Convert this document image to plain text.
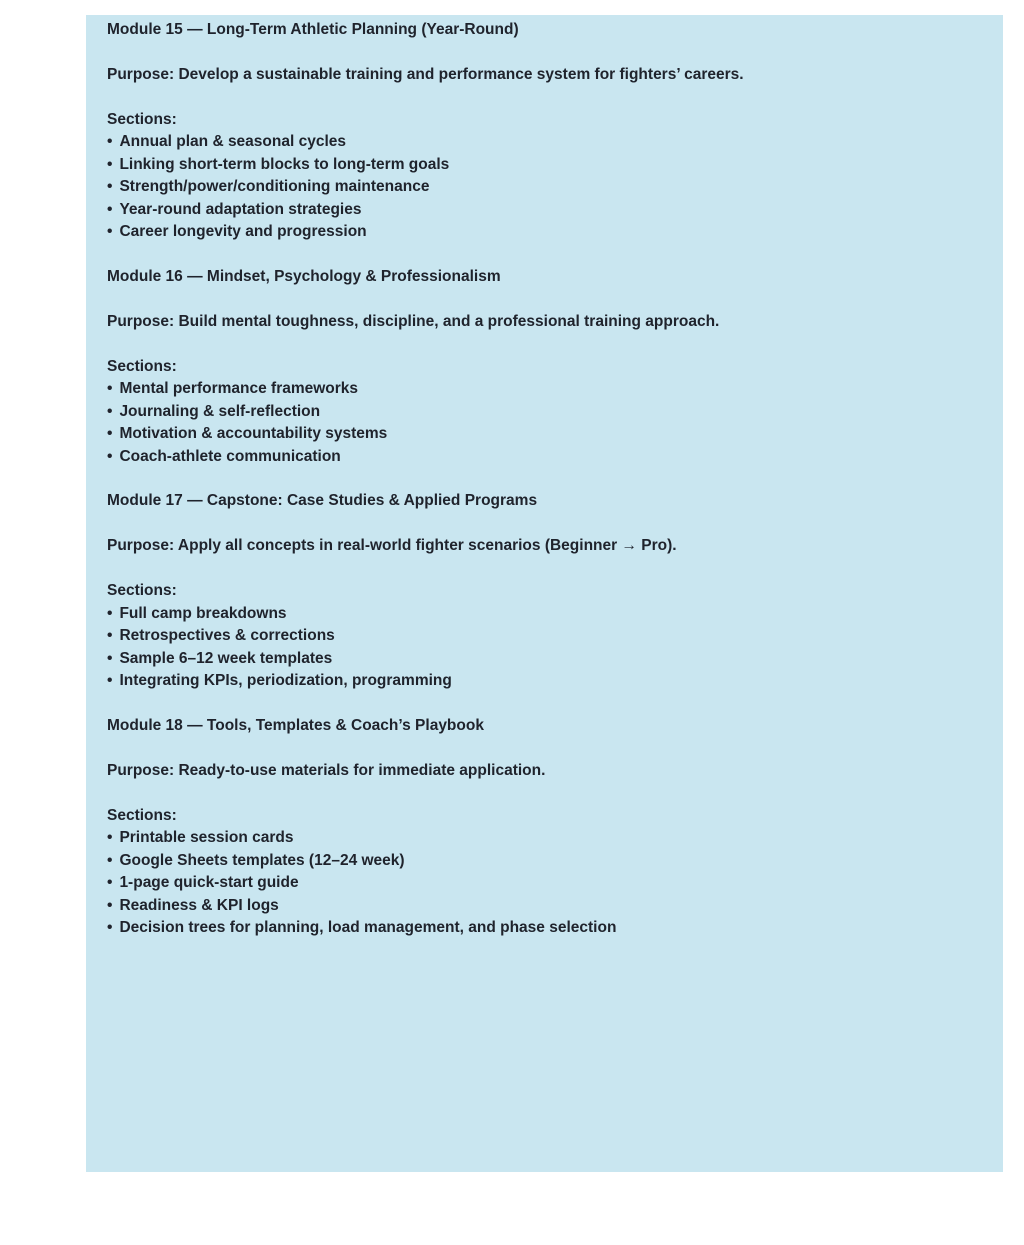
Module 15 — Long-Term Athletic Planning (Year-Round)
Purpose: Develop a sustainable training and performance system for fighters’ careers.
Sections:
• Annual plan & seasonal cycles
• Linking short-term blocks to long-term goals
• Strength/power/conditioning maintenance
• Year-round adaptation strategies
• Career longevity and progression
Module 16 — Mindset, Psychology & Professionalism
Purpose: Build mental toughness, discipline, and a professional training approach.
Sections:
• Mental performance frameworks
• Journaling & self-reflection
• Motivation & accountability systems
• Coach-athlete communication
Module 17 — Capstone: Case Studies & Applied Programs
Purpose: Apply all concepts in real-world fighter scenarios (Beginner → Pro).
Sections:
• Full camp breakdowns
• Retrospectives & corrections
• Sample 6–12 week templates
• Integrating KPIs, periodization, programming
Module 18 — Tools, Templates & Coach’s Playbook
Purpose: Ready-to-use materials for immediate application.
Sections:
• Printable session cards
• Google Sheets templates (12–24 week)
• 1-page quick-start guide
• Readiness & KPI logs
• Decision trees for planning, load management, and phase selection
